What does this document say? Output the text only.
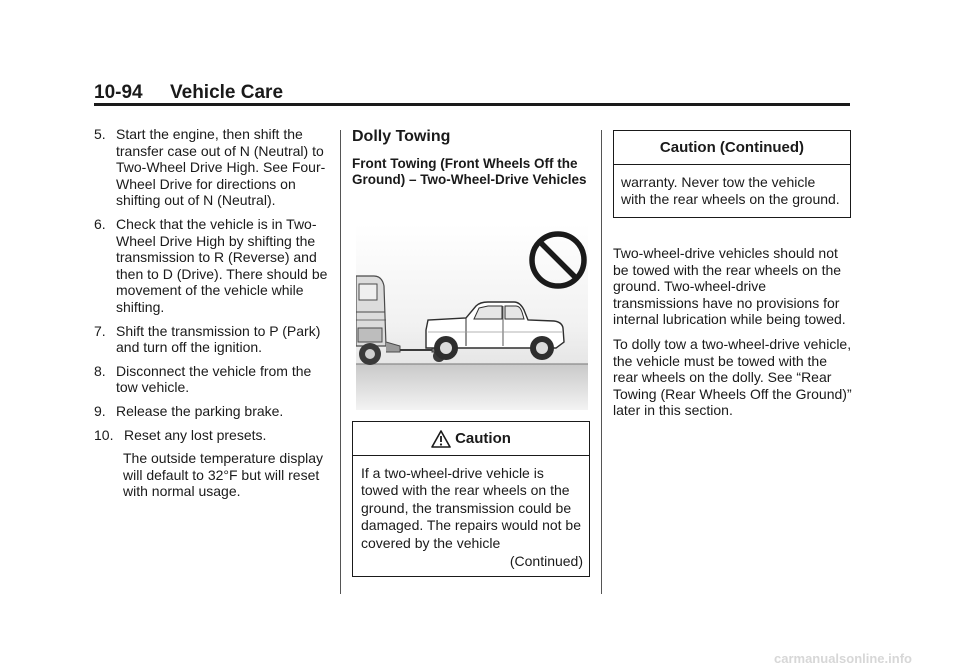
10-94 Vehicle Care
5. Start the engine, then shift the transfer case out of N (Neutral) to Two-Wheel Drive High. See Four-Wheel Drive for directions on shifting out of N (Neutral).
6. Check that the vehicle is in Two-Wheel Drive High by shifting the transmission to R (Reverse) and then to D (Drive). There should be movement of the vehicle while shifting.
7. Shift the transmission to P (Park) and turn off the ignition.
8. Disconnect the vehicle from the tow vehicle.
9. Release the parking brake.
10. Reset any lost presets.
The outside temperature display will default to 32°F but will reset with normal usage.
Dolly Towing
Front Towing (Front Wheels Off the Ground) – Two-Wheel-Drive Vehicles
Caution
If a two-wheel-drive vehicle is towed with the rear wheels on the ground, the transmission could be damaged. The repairs would not be covered by the vehicle
(Continued)
Caution (Continued)
warranty. Never tow the vehicle with the rear wheels on the ground.

Two-wheel-drive vehicles should not be towed with the rear wheels on the ground. Two-wheel-drive transmissions have no provisions for internal lubrication while being towed.

To dolly tow a two-wheel-drive vehicle, the vehicle must be towed with the rear wheels on the dolly. See “Rear Towing (Rear Wheels Off the Ground)” later in this section.

carmanualsonline.info
